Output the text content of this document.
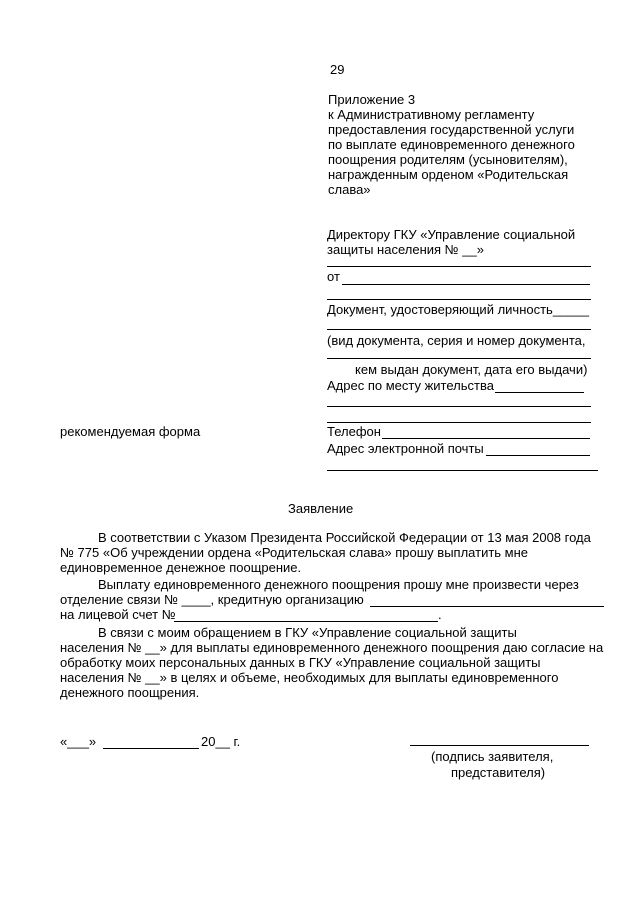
29
Приложение 3
к Административному регламенту
предоставления государственной услуги
по выплате единовременного денежного
поощрения родителям (усыновителям),
награжденным орденом «Родительская
слава»
Директору ГКУ «Управление социальной
защиты населения № __»
от
Документ, удостоверяющий личность_____
(вид документа, серия и номер документа,
кем выдан документ, дата его выдачи)
Адрес по месту жительства
Телефон
Адрес электронной почты
рекомендуемая форма
Заявление
В соответствии с Указом Президента Российской Федерации от 13 мая 2008 года
№ 775 «Об учреждении ордена «Родительская слава» прошу выплатить мне
единовременное денежное поощрение.
Выплату единовременного денежного поощрения прошу мне произвести через
отделение связи № ____, кредитную организацию
на лицевой счет №	.
В связи с моим обращением в ГКУ «Управление социальной защиты
населения № __» для выплаты единовременного денежного поощрения даю согласие на
обработку моих персональных данных в ГКУ «Управление социальной защиты
населения № __» в целях и объеме, необходимых для выплаты единовременного
денежного поощрения.
«___»	20__ г.
(подпись заявителя,
представителя)
